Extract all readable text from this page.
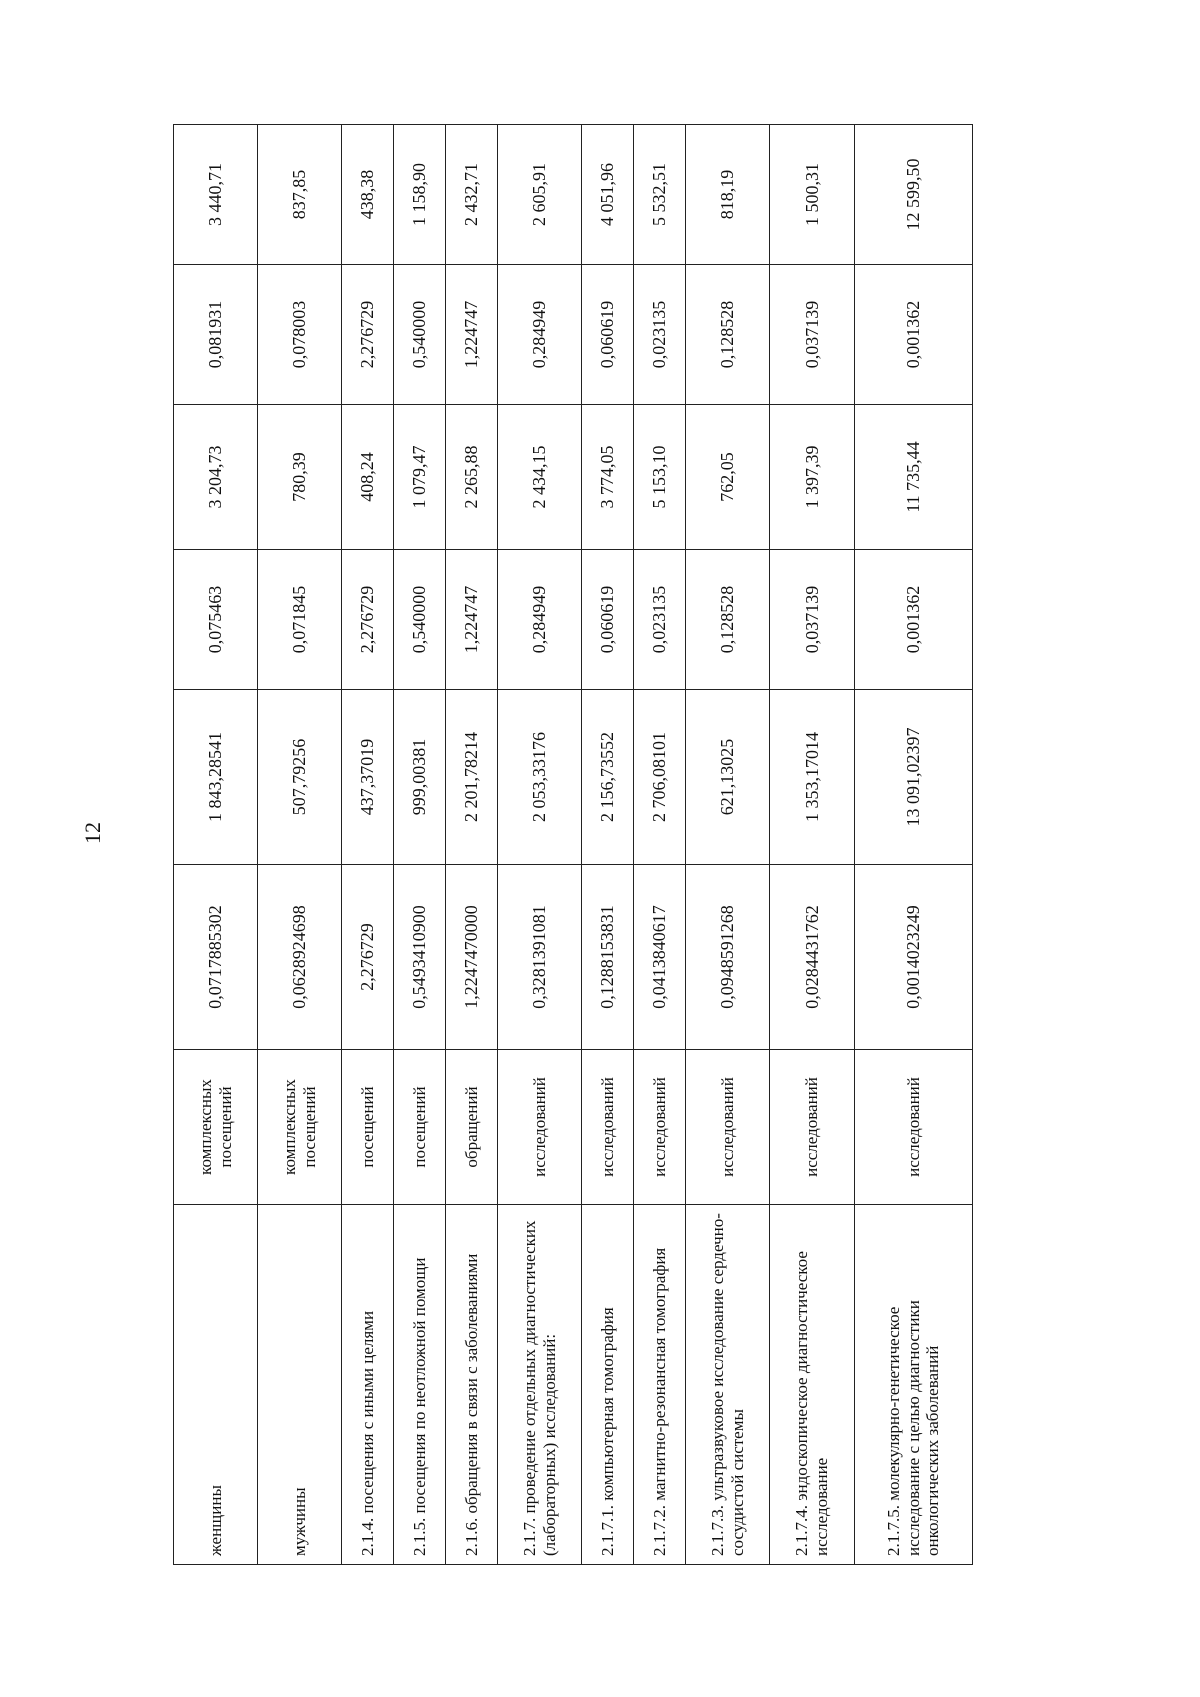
12
женщины	комплексных посещений	0,0717885302	1 843,28541	0,075463	3 204,73	0,081931	3 440,71
мужчины	комплексных посещений	0,0628924698	507,79256	0,071845	780,39	0,078003	837,85
2.1.4. посещения с иными целями	посещений	2,276729	437,37019	2,276729	408,24	2,276729	438,38
2.1.5. посещения по неотложной помощи	посещений	0,5493410900	999,00381	0,540000	1 079,47	0,540000	1 158,90
2.1.6. обращения в связи с заболеваниями	обращений	1,2247470000	2 201,78214	1,224747	2 265,88	1,224747	2 432,71
2.1.7. проведение отдельных диагностических (лабораторных) исследований:	исследований	0,3281391081	2 053,33176	0,284949	2 434,15	0,284949	2 605,91
2.1.7.1. компьютерная томография	исследований	0,1288153831	2 156,73552	0,060619	3 774,05	0,060619	4 051,96
2.1.7.2. магнитно-резонансная томография	исследований	0,0413840617	2 706,08101	0,023135	5 153,10	0,023135	5 532,51
2.1.7.3. ультразвуковое исследование сердечно-сосудистой системы	исследований	0,0948591268	621,13025	0,128528	762,05	0,128528	818,19
2.1.7.4. эндоскопическое диагностическое исследование	исследований	0,0284431762	1 353,17014	0,037139	1 397,39	0,037139	1 500,31
2.1.7.5. молекулярно-генетическое исследование с целью диагностики онкологических заболеваний	исследований	0,0014023249	13 091,02397	0,001362	11 735,44	0,001362	12 599,50
